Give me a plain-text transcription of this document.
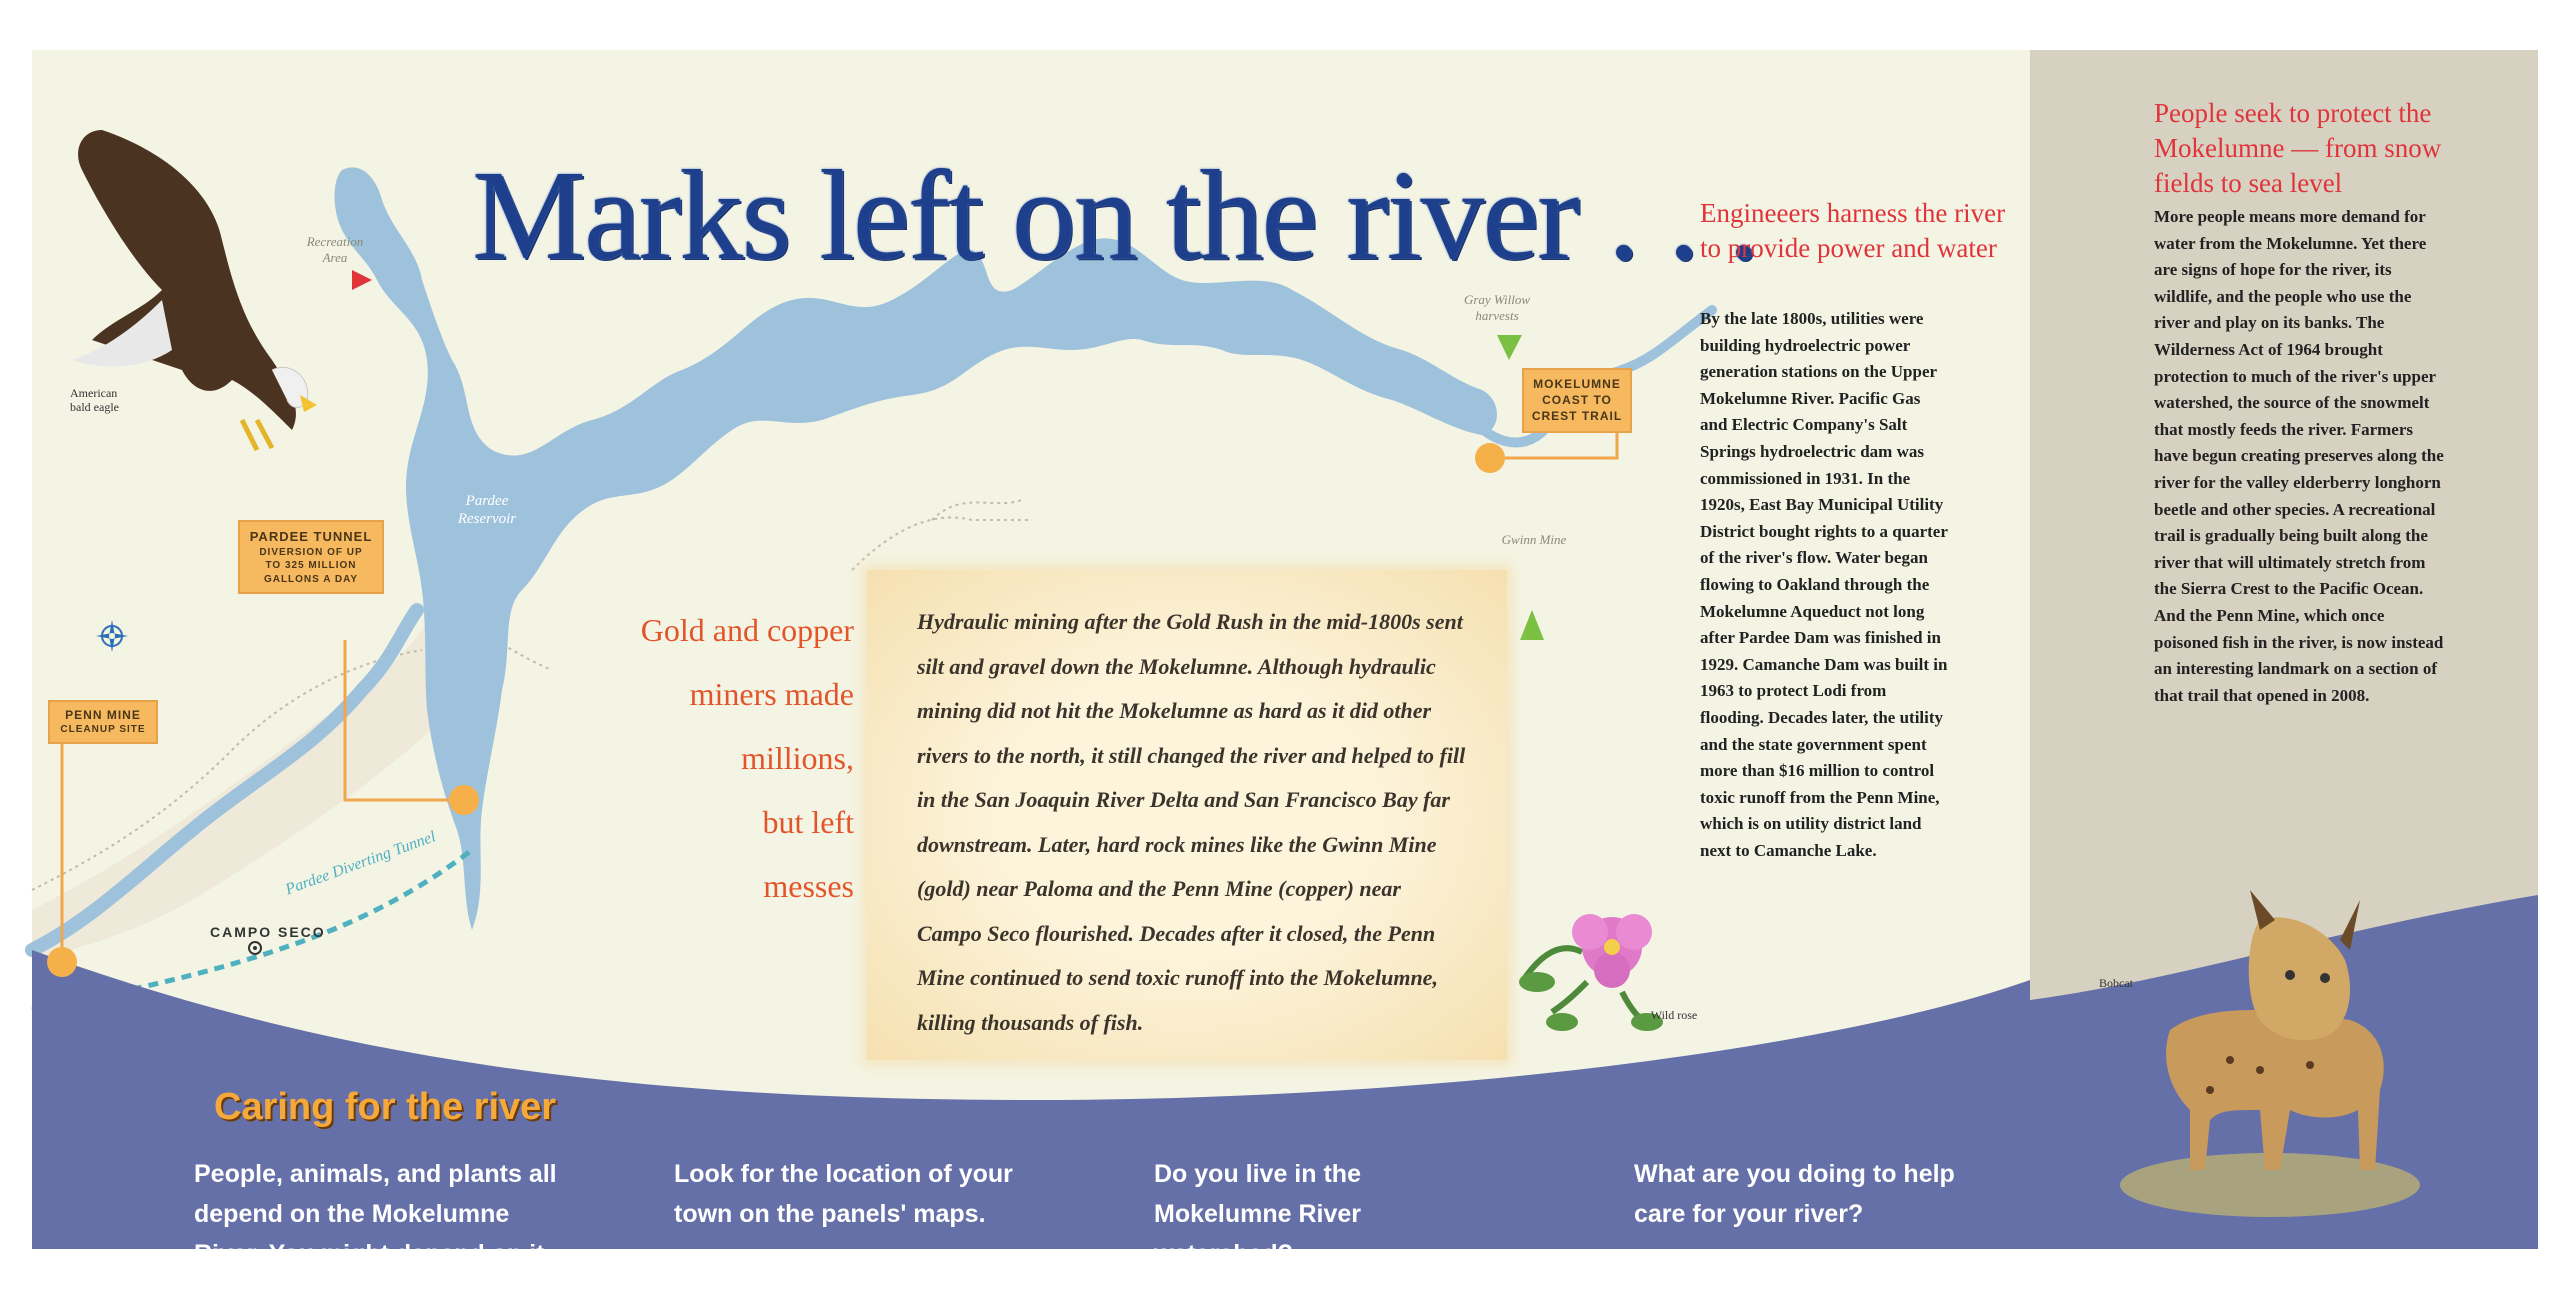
Marks left on the river . . .
American
bald eagle
Recreation
Area
Pardee
Reservoir
Gray Willow
harvests
Gwinn Mine
Pardee Diverting Tunnel
CAMPO SECO
PARDEE TUNNEL
DIVERSION OF UP
TO 325 MILLION
GALLONS A DAY
PENN MINE
CLEANUP SITE
MOKELUMNE
COAST TO
CREST TRAIL
Gold and copper
miners made
millions,
but left
messes

Hydraulic mining after the Gold Rush in the mid-1800s sent silt and gravel down the Mokelumne. Although hydraulic mining did not hit the Mokelumne as hard as it did other rivers to the north, it still changed the river and helped to fill in the San Joaquin River Delta and San Francisco Bay far downstream. Later, hard rock mines like the Gwinn Mine (gold) near Paloma and the Penn Mine (copper) near Campo Seco flourished. Decades after it closed, the Penn Mine continued to send toxic runoff into the Mokelumne, killing thousands of fish.	Wild rose
Engineeers harness the river to provide power and water
By the late 1800s, utilities were building hydroelectric power generation stations on the Upper Mokelumne River. Pacific Gas and Electric Company's Salt Springs hydroelectric dam was commissioned in 1931. In the 1920s, East Bay Municipal Utility District bought rights to a quarter of the river's flow. Water began flowing to Oakland through the Mokelumne Aqueduct not long after Pardee Dam was finished in 1929. Camanche Dam was built in 1963 to protect Lodi from flooding. Decades later, the utility and the state government spent more than $16 million to control toxic runoff from the Penn Mine, which is on utility district land next to Camanche Lake.
Caring for the river
People, animals, and plants all depend on the Mokelumne River. You might depend on it as well.
Look for the location of your town on the panels' maps.
Do you live in the Mokelumne River watershed?
What are you doing to help care for your river?
People seek to protect the Mokelumne — from snow fields to sea level
More people means more demand for water from the Mokelumne. Yet there are signs of hope for the river, its wildlife, and the people who use the river and play on its banks. The Wilderness Act of 1964 brought protection to much of the river's upper watershed, the source of the snowmelt that mostly feeds the river. Farmers have begun creating preserves along the river for the valley elderberry longhorn beetle and other species. A recreational trail is gradually being built along the river that will ultimately stretch from the Sierra Crest to the Pacific Ocean. And the Penn Mine, which once poisoned fish in the river, is now instead an interesting landmark on a section of that trail that opened in 2008.
Bobcat
